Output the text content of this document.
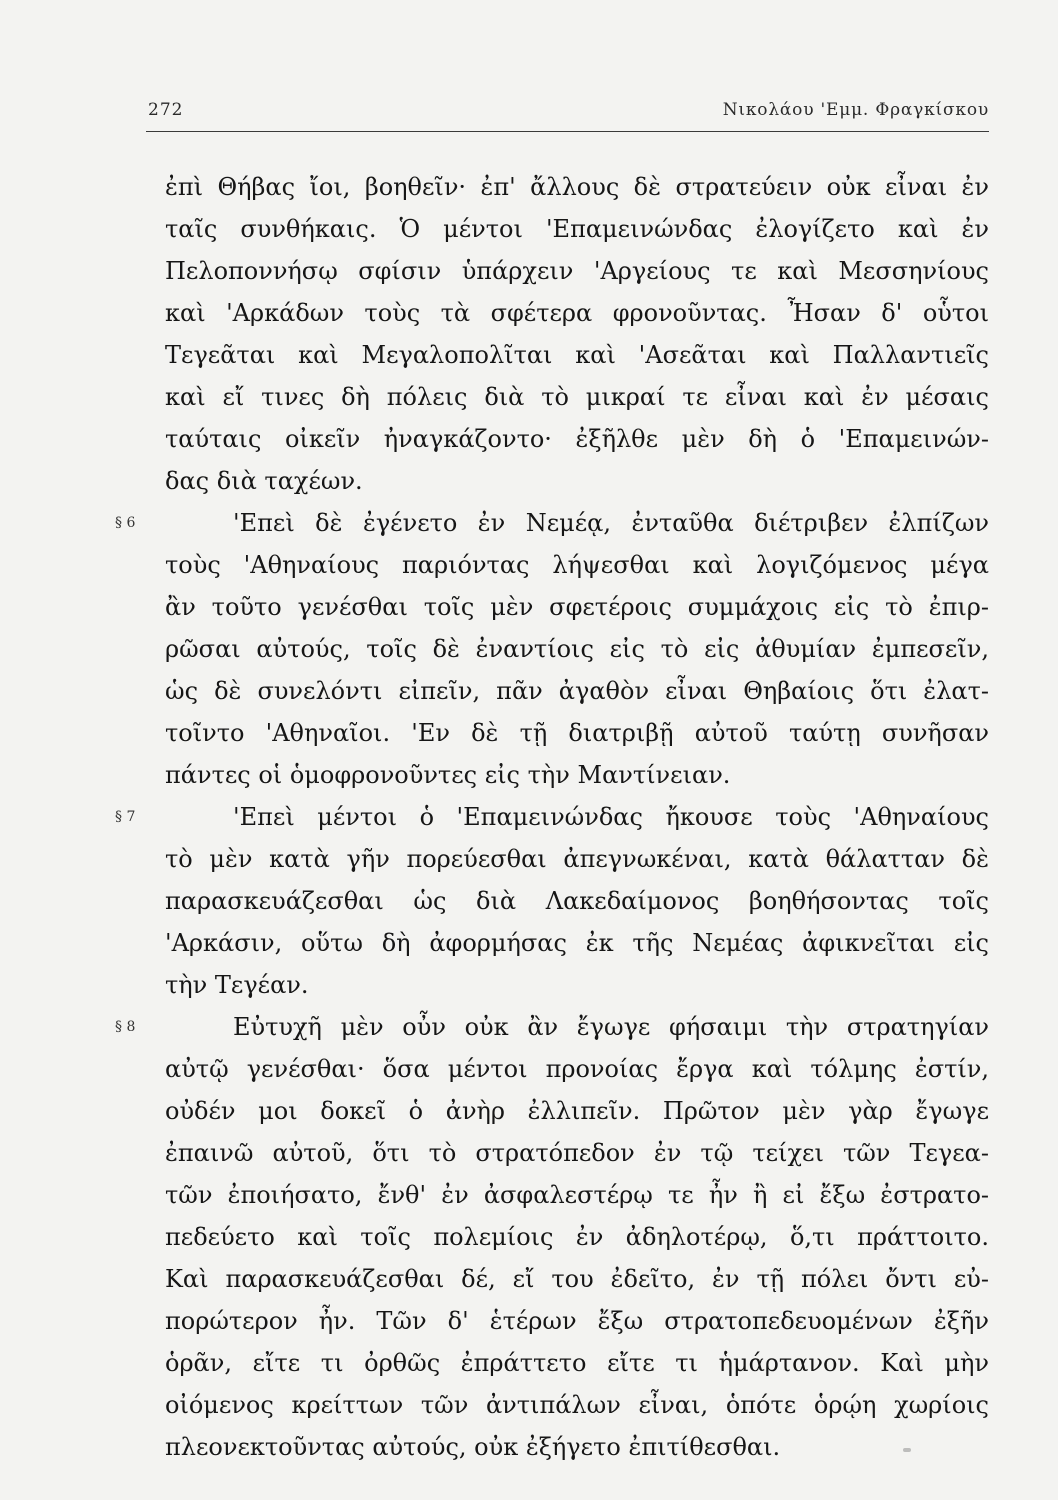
272	Νικολάου 'Εμμ. Φραγκίσκου
ἐπὶ Θήβας ἴοι, βοηθεῖν· ἐπ' ἄλλους δὲ στρατεύειν οὐκ εἶναι ἐν
ταῖς συνθήκαις. Ὁ μέντοι 'Επαμεινώνδας ἐλογίζετο καὶ ἐν
Πελοποννήσῳ σφίσιν ὑπάρχειν 'Αργείους τε καὶ Μεσσηνίους
καὶ 'Αρκάδων τοὺς τὰ σφέτερα φρονοῦντας. Ἦσαν δ' οὗτοι
Τεγεᾶται καὶ Μεγαλοπολῖται καὶ 'Ασεᾶται καὶ Παλλαντιεῖς
καὶ εἴ τινες δὴ πόλεις διὰ τὸ μικραί τε εἶναι καὶ ἐν μέσαις
ταύταις οἰκεῖν ἠναγκάζοντο· ἐξῆλθε μὲν δὴ ὁ 'Επαμεινών-
δας διὰ ταχέων.
§ 6	'Επεὶ δὲ ἐγένετο ἐν Νεμέᾳ, ἐνταῦθα διέτριβεν ἐλπίζων
τοὺς 'Αθηναίους παριόντας λήψεσθαι καὶ λογιζόμενος μέγα
ἂν τοῦτο γενέσθαι τοῖς μὲν σφετέροις συμμάχοις εἰς τὸ ἐπιρ-
ρῶσαι αὐτούς, τοῖς δὲ ἐναντίοις εἰς τὸ εἰς ἀθυμίαν ἐμπεσεῖν,
ὡς δὲ συνελόντι εἰπεῖν, πᾶν ἀγαθὸν εἶναι Θηβαίοις ὅτι ἐλατ-
τοῖντο 'Αθηναῖοι. 'Εν δὲ τῇ διατριβῇ αὐτοῦ ταύτῃ συνῆσαν
πάντες οἱ ὁμοφρονοῦντες εἰς τὴν Μαντίνειαν.
§ 7	'Επεὶ μέντοι ὁ 'Επαμεινώνδας ἤκουσε τοὺς 'Αθηναίους
τὸ μὲν κατὰ γῆν πορεύεσθαι ἀπεγνωκέναι, κατὰ θάλατταν δὲ
παρασκευάζεσθαι ὡς διὰ Λακεδαίμονος βοηθήσοντας τοῖς
'Αρκάσιν, οὕτω δὴ ἀφορμήσας ἐκ τῆς Νεμέας ἀφικνεῖται εἰς
τὴν Τεγέαν.
§ 8	Εὐτυχῆ μὲν οὖν οὐκ ἂν ἔγωγε φήσαιμι τὴν στρατηγίαν
αὐτῷ γενέσθαι· ὅσα μέντοι προνοίας ἔργα καὶ τόλμης ἐστίν,
οὐδέν μοι δοκεῖ ὁ ἀνὴρ ἐλλιπεῖν. Πρῶτον μὲν γὰρ ἔγωγε
ἐπαινῶ αὐτοῦ, ὅτι τὸ στρατόπεδον ἐν τῷ τείχει τῶν Τεγεα-
τῶν ἐποιήσατο, ἔνθ' ἐν ἀσφαλεστέρῳ τε ἦν ἢ εἰ ἔξω ἐστρατο-
πεδεύετο καὶ τοῖς πολεμίοις ἐν ἀδηλοτέρῳ, ὅ,τι πράττοιτο.
Καὶ παρασκευάζεσθαι δέ, εἴ του ἐδεῖτο, ἐν τῇ πόλει ὄντι εὐ-
πορώτερον ἦν. Τῶν δ' ἑτέρων ἔξω στρατοπεδευομένων ἐξῆν
ὁρᾶν, εἴτε τι ὀρθῶς ἐπράττετο εἴτε τι ἡμάρτανον. Καὶ μὴν
οἰόμενος κρείττων τῶν ἀντιπάλων εἶναι, ὁπότε ὁρῴη χωρίοις
πλεονεκτοῦντας αὐτούς, οὐκ ἐξήγετο ἐπιτίθεσθαι.
